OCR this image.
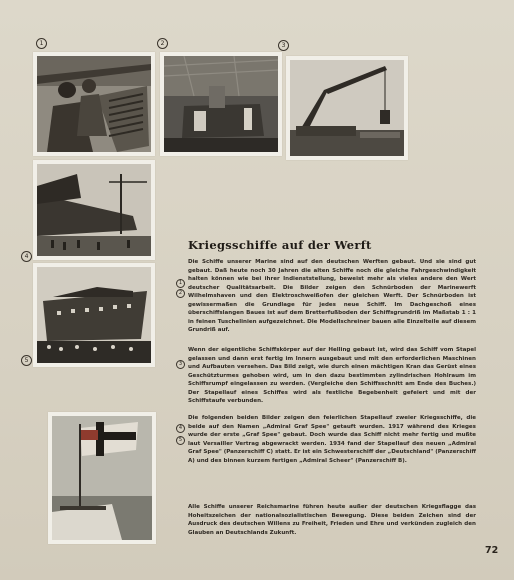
1	2	3
4
5
Kriegsschiffe auf der Werft
1
2
Die Schiffe unserer Marine sind auf den deutschen Werften gebaut. Und sie sind gut gebaut. Daß heute noch 30 Jahren die alten Schiffe noch die gleiche Fahrgeschwindigkeit halten können wie bei ihrer Indienststellung, beweist mehr als vieles andere den Wert deutscher Qualitätsarbeit. Die Bilder zeigen den Schnürboden der Marinewerft Wilhelmshaven und den Elektroschweißofen der gleichen Werft. Der Schnürboden ist gewissermaßen die Grundlage für jedes neue Schiff. Im Dachgeschoß eines überschiffslangen Baues ist auf dem Bretterfußboden der Schiffsgrundriß im Maßstab 1 : 1 in feinen Tuschelinien aufgezeichnet. Die Modellschreiner bauen alle Einzelteile auf diesem Grundriß auf.
3
Wenn der eigentliche Schiffskörper auf der Helling gebaut ist, wird das Schiff vom Stapel gelassen und dann erst fertig im Innern ausgebaut und mit den erforderlichen Maschinen und Aufbauten versehen. Das Bild zeigt, wie durch einen mächtigen Kran das Gerüst eines Geschützturmes gehoben wird, um in den dazu bestimmten zylindrischen Hohlraum im Schiffsrumpf eingelassen zu werden. (Vergleiche den Schiffsschnitt am Ende des Buches.) Der Stapellauf eines Schiffes wird als festliche Begebenheit gefeiert und mit der Schiffstaufe verbunden.
4
5
Die folgenden beiden Bilder zeigen den feierlichen Stapellauf zweier Kriegsschiffe, die beide auf den Namen „Admiral Graf Spee" getauft wurden. 1917 während des Krieges wurde der erste „Graf Spee" gebaut. Doch wurde das Schiff nicht mehr fertig und mußte laut Versailler Vertrag abgewrackt werden. 1934 fand der Stapellauf des neuen „Admiral Graf Spee" (Panzerschiff C) statt. Er ist ein Schwesterschiff der „Deutschland" (Panzerschiff A) und des binnen kurzem fertigen „Admiral Scheer" (Panzerschiff B).
Alle Schiffe unserer Reichsmarine führen heute außer der deutschen Kriegsflagge das Hoheitszeichen der nationalsozialistischen Bewegung. Diese beiden Zeichen sind der Ausdruck des deutschen Willens zu Freiheit, Frieden und Ehre und verkünden zugleich den Glauben an Deutschlands Zukunft.
72
